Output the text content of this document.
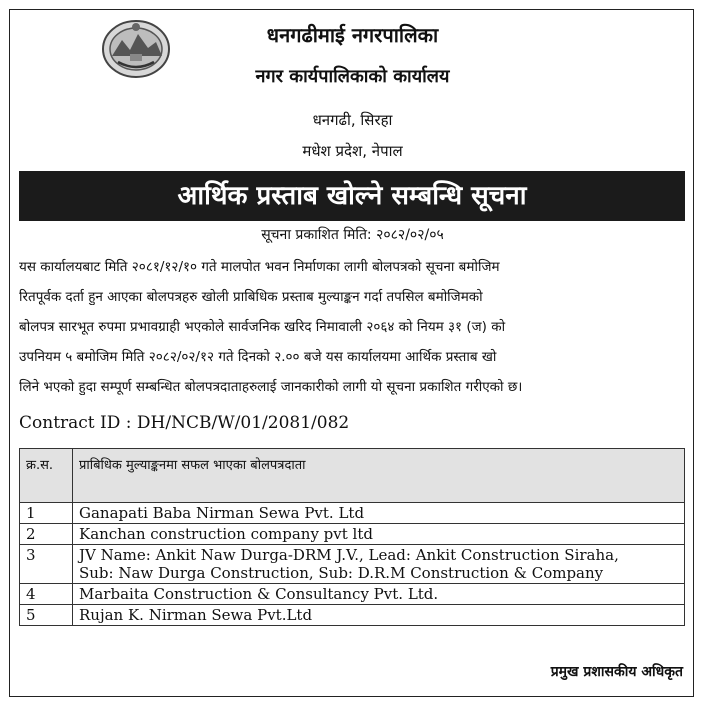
धनगढीमाई नगरपालिका
नगर कार्यपालिकाको कार्यालय
धनगढी, सिरहा
मधेश प्रदेश, नेपाल
आर्थिक प्रस्ताब खोल्ने सम्बन्धि सूचना
सूचना प्रकाशित मिति: २०८२/०२/०५
यस कार्यालयबाट मिति २०८१/१२/१० गते मालपोत भवन निर्माणका लागी बोलपत्रको सूचना बमोजिम
रितपूर्वक दर्ता हुन आएका बोलपत्रहरु खोली प्राबिधिक प्रस्ताब मुल्याङ्कन गर्दा तपसिल बमोजिमको
बोलपत्र सारभूत रुपमा प्रभावग्राही भएकोले सार्वजनिक खरिद निमावाली २०६४ को नियम ३१ (ज) को
उपनियम ५ बमोजिम मिति २०८२/०२/१२ गते दिनको २.०० बजे यस कार्यालयमा आर्थिक प्रस्ताब खो
लिने भएको हुदा सम्पूर्ण सम्बन्धित बोलपत्रदाताहरुलाई जानकारीको लागी यो सूचना प्रकाशित गरीएको छ।
Contract ID : DH/NCB/W/01/2081/082
क्र.स.	प्राबिधिक मुल्याङ्कनमा सफल भाएका बोलपत्रदाता
1	Ganapati Baba Nirman Sewa Pvt. Ltd
2	Kanchan construction company pvt ltd
3	JV Name: Ankit Naw Durga-DRM J.V., Lead: Ankit Construction Siraha,
Sub: Naw Durga Construction, Sub: D.R.M Construction & Company

4	Marbaita Construction & Consultancy Pvt. Ltd.
5	Rujan K. Nirman Sewa Pvt.Ltd
प्रमुख प्रशासकीय अधिकृत
